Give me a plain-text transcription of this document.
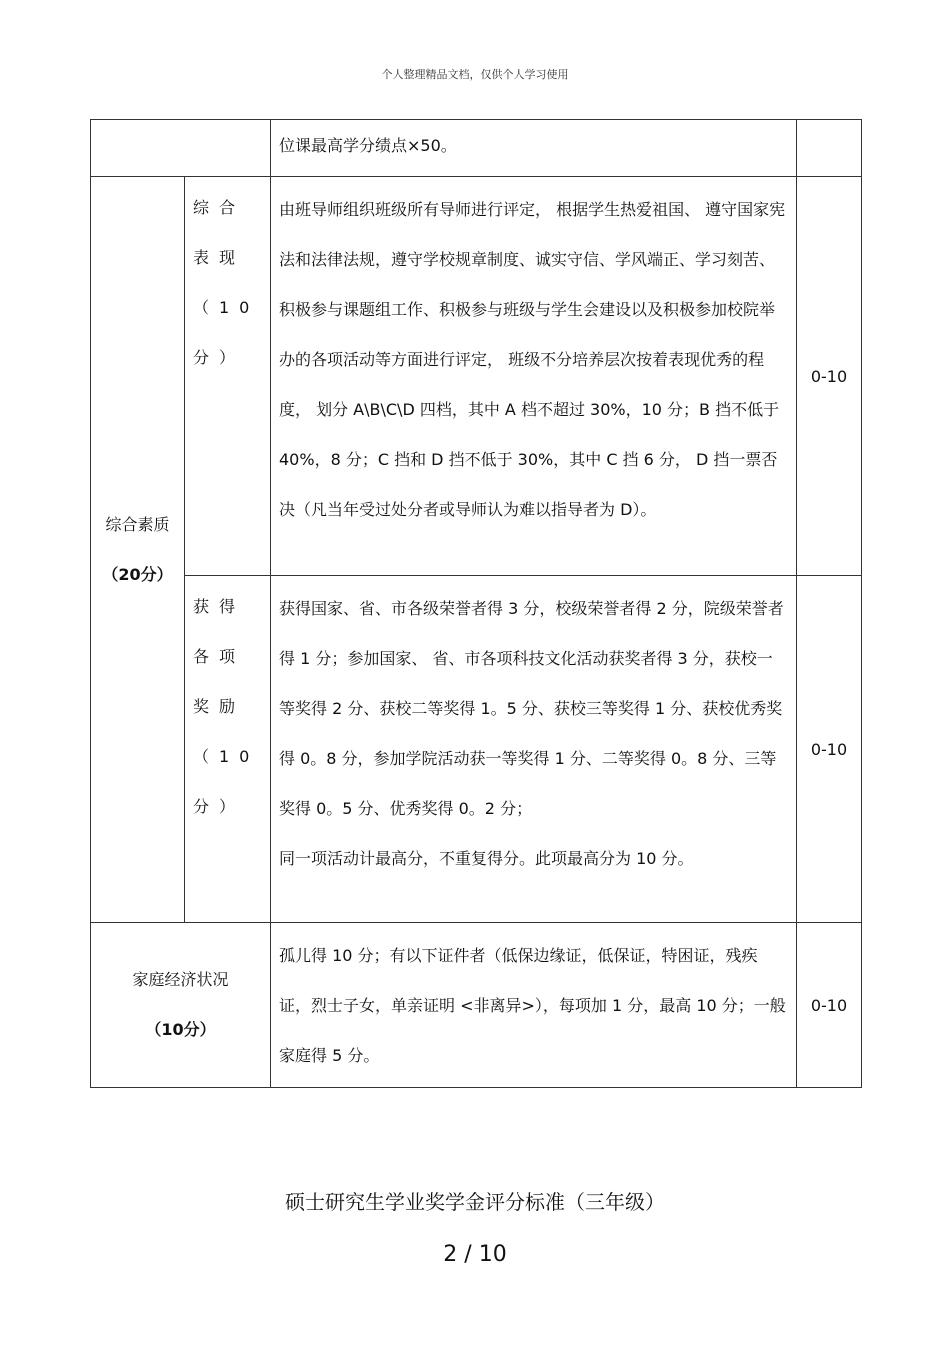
个人整理精品文档，仅供个人学习使用

		位课最高学分绩点×50。	

综合素质
（20分）	综合表现（10分）	由班导师组织班级所有导师进行评定， 根据学生热爱祖国、 遵守国家宪法和法律法规，遵守学校规章制度、诚实守信、学风端正、学习刻苦、 积极参与课题组工作、积极参与班级与学生会建设以及积极参加校院举办的各项活动等方面进行评定， 班级不分培养层次按着表现优秀的程度， 划分 A\B\C\D 四档，其中 A 档不超过 30%，10 分；B 挡不低于 40%，8 分；C 挡和 D 挡不低于 30%，其中 C 挡 6 分， D 挡一票否决（凡当年受过处分者或导师认为难以指导者为 D）。	0-10

	获得各项奖励（10分）	获得国家、省、市各级荣誉者得 3 分，校级荣誉者得 2 分，院级荣誉者得 1 分；参加国家、 省、市各项科技文化活动获奖者得 3 分，获校一等奖得 2 分、获校二等奖得 1。5 分、获校三等奖得 1 分、获校优秀奖得 0。8 分，参加学院活动获一等奖得 1 分、二等奖得 0。8 分、三等奖得 0。5 分、优秀奖得 0。2 分；
同一项活动计最高分，不重复得分。此项最高分为 10 分。	0-10

家庭经济状况
（10分）		孤儿得 10 分；有以下证件者（低保边缘证，低保证，特困证，残疾证，烈士子女，单亲证明 <非离异>），每项加 1 分，最高 10 分；一般家庭得 5 分。	0-10
硕士研究生学业奖学金评分标准（三年级）
2 / 10
